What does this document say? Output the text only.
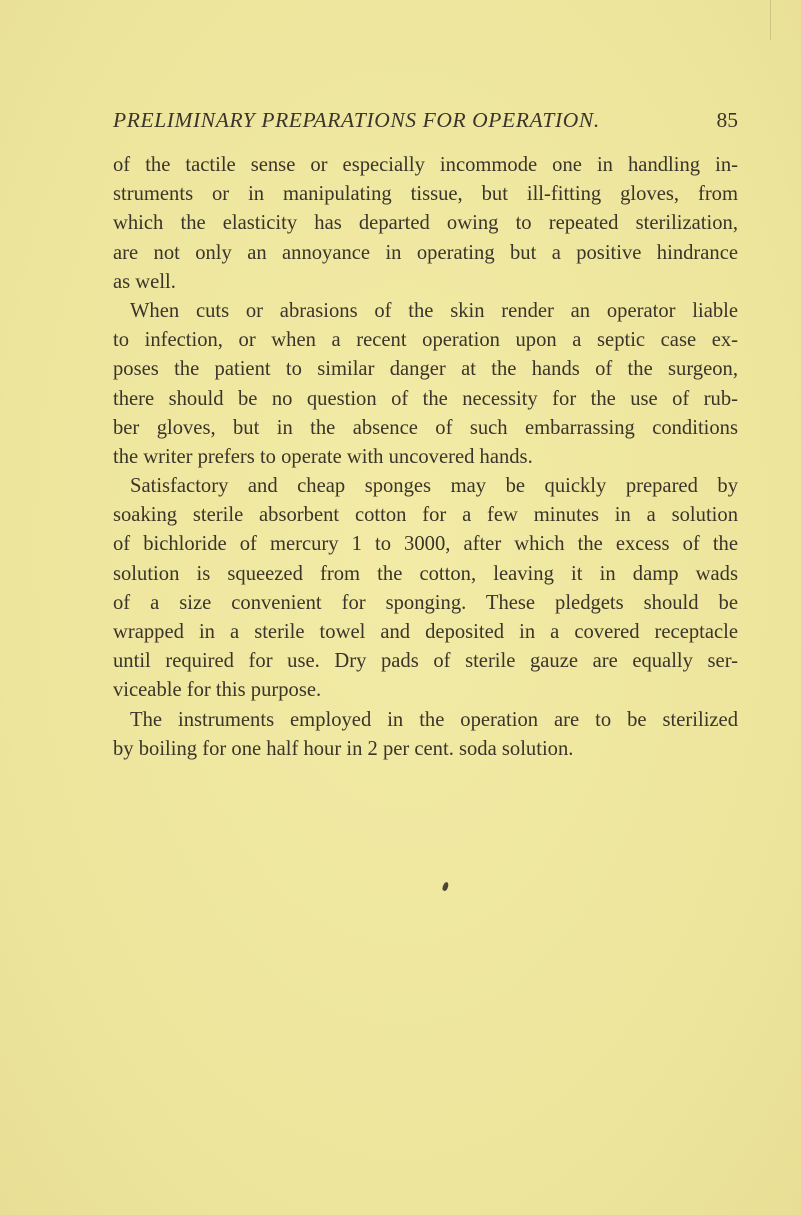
PRELIMINARY PREPARATIONS FOR OPERATION.	85
of the tactile sense or especially incommode one in handling in-
struments or in manipulating tissue, but ill-fitting gloves, from
which the elasticity has departed owing to repeated sterilization,
are not only an annoyance in operating but a positive hindrance
as well.
When cuts or abrasions of the skin render an operator liable
to infection, or when a recent operation upon a septic case ex-
poses the patient to similar danger at the hands of the surgeon,
there should be no question of the necessity for the use of rub-
ber gloves, but in the absence of such embarrassing conditions
the writer prefers to operate with uncovered hands.
Satisfactory and cheap sponges may be quickly prepared by
soaking sterile absorbent cotton for a few minutes in a solution
of bichloride of mercury 1 to 3000, after which the excess of the
solution is squeezed from the cotton, leaving it in damp wads
of a size convenient for sponging. These pledgets should be
wrapped in a sterile towel and deposited in a covered receptacle
until required for use. Dry pads of sterile gauze are equally ser-
viceable for this purpose.
The instruments employed in the operation are to be sterilized
by boiling for one half hour in 2 per cent. soda solution.
